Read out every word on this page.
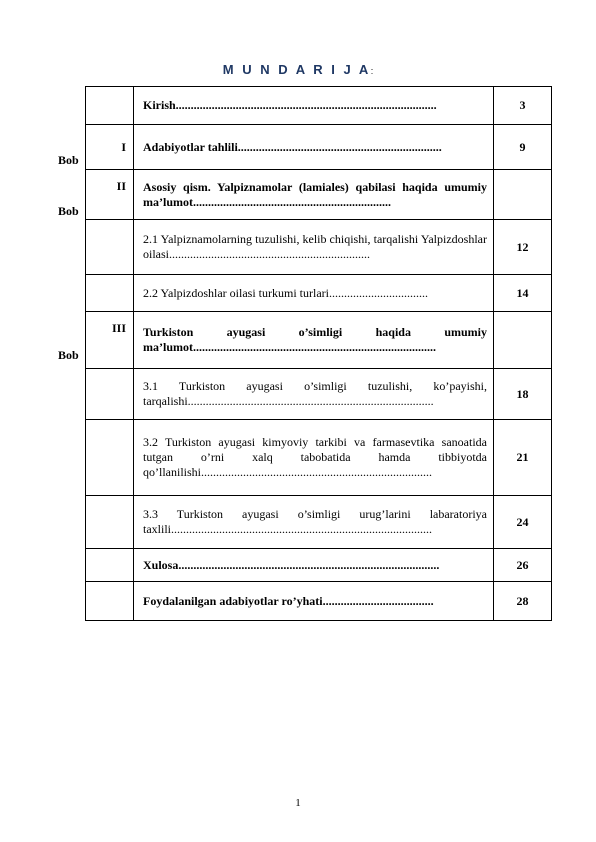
M U N D A R I J A:
Bob
Bob
Bob
	Kirish.......................................................................................	3
I	Adabiyotlar tahlili....................................................................	9
II	Asosiy qism. Yalpiznamolar (lamiales) qabilasi haqida umumiy ma’lumot..................................................................	
	2.1 Yalpiznamolarning tuzulishi, kelib chiqishi, tarqalishi Yalpizdoshlar oilasi...................................................................	12
	2.2 Yalpizdoshlar oilasi turkumi turlari.................................	14
III	Turkiston ayugasi o’simligi haqida umumiy ma’lumot.................................................................................	
	3.1 Turkiston ayugasi o’simligi tuzulishi, ko’payishi, tarqalishi..................................................................................	18
	3.2 Turkiston ayugasi kimyoviy tarkibi va farmasevtika sanoatida tutgan o’rni xalq tabobatida hamda tibbiyotda qo’llanilishi.............................................................................	21
	3.3 Turkiston ayugasi o’simligi urug’larini labaratoriya taxlili.......................................................................................	24
	Xulosa.......................................................................................	26
	Foydalanilgan adabiyotlar ro’yhati.....................................	28
1
